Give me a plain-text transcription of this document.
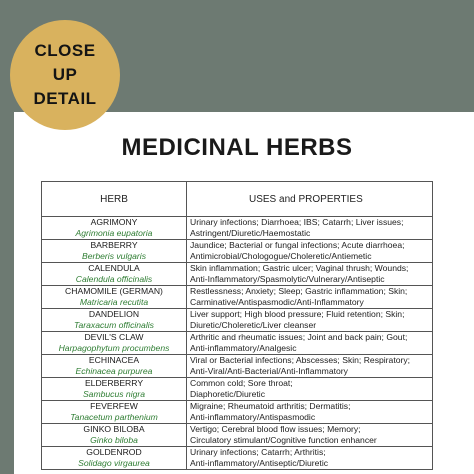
CLOSE
UP
DETAIL
MEDICINAL HERBS
HERB	USES and PROPERTIES

AGRIMONY
Agrimonia eupatoria	Urinary infections; Diarrhoea; IBS; Catarrh; Liver issues;
Astringent/Diuretic/Haemostatic

BARBERRY
Berberis vulgaris	Jaundice; Bacterial or fungal infections; Acute diarrhoea;
Antimicrobial/Chologogue/Choleretic/Antiemetic

CALENDULA
Calendula officinalis	Skin inflammation; Gastric ulcer; Vaginal thrush; Wounds;
Anti-Inflammatory/Spasmolytic/Vulnerary/Antiseptic

CHAMOMILE (GERMAN)
Matricaria recutita	Restlessness; Anxiety; Sleep; Gastric inflammation; Skin;
Carminative/Antispasmodic/Anti-Inflammatory

DANDELION
Taraxacum officinalis	Liver support; High blood pressure; Fluid retention; Skin;
Diuretic/Choleretic/Liver cleanser

DEVIL'S CLAW
Harpagophytum procumbens	Arthritic and rheumatic issues; Joint and back pain; Gout;
Anti-inflammatory/Analgesic

ECHINACEA
Echinacea purpurea	Viral or Bacterial infections; Abscesses; Skin; Respiratory;
Anti-Viral/Anti-Bacterial/Anti-Inflammatory

ELDERBERRY
Sambucus nigra	Common cold; Sore throat;
Diaphoretic/Diuretic

FEVERFEW
Tanacetum parthenium	Migraine; Rheumatoid arthritis; Dermatitis;
Anti-inflammatory/Antispasmodic

GINKO BILOBA
Ginko biloba	Vertigo; Cerebral blood flow issues; Memory;
Circulatory stimulant/Cognitive function enhancer

GOLDENROD
Solidago virgaurea	Urinary infections; Catarrh; Arthritis;
Anti-inflammatory/Antiseptic/Diuretic
